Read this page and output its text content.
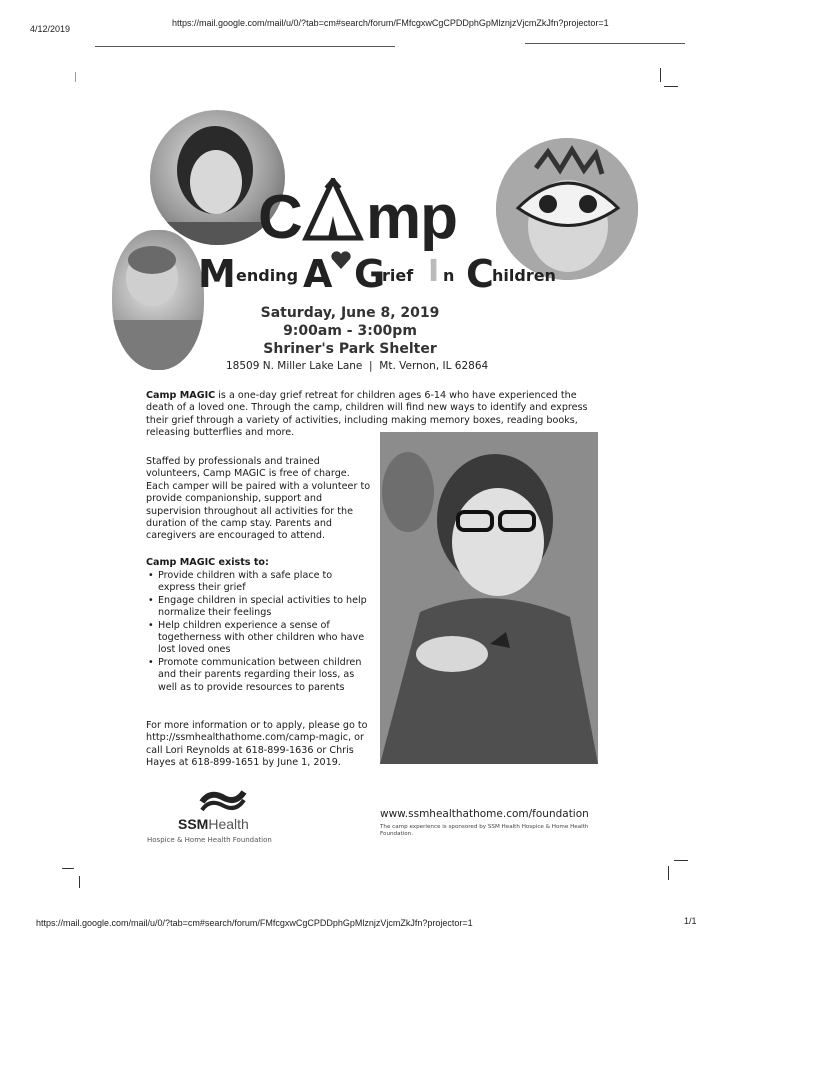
4/12/2019
https://mail.google.com/mail/u/0/?tab=cm#search/forum/FMfcgxwCgCPDDphGpMlznjzVjcmZkJfn?projector=1
C mp
M ending A G
rief I n C
hildren
Saturday, June 8, 2019
9:00am - 3:00pm
Shriner's Park Shelter
18509 N. Miller Lake Lane  |  Mt. Vernon, IL 62864
Camp MAGIC is a one-day grief retreat for children ages 6-14 who have experienced the death of a loved one. Through the camp, children will find new ways to identify and express their grief through a variety of activities, including making memory boxes, reading books, releasing butterflies and more.
Staffed by professionals and trained volunteers, Camp MAGIC is free of charge. Each camper will be paired with a volunteer to provide companionship, support and supervision throughout all activities for the duration of the camp stay. Parents and caregivers are encouraged to attend.
Camp MAGIC exists to:
• Provide children with a safe place to express their grief
• Engage children in special activities to help normalize their feelings
• Help children experience a sense of togetherness with other children who have lost loved ones
• Promote communication between children and their parents regarding their loss, as well as to provide resources to parents
For more information or to apply, please go to http://ssmhealthathome.com/camp-magic, or call Lori Reynolds at 618-899-1636 or Chris Hayes at 618-899-1651 by June 1, 2019.
SSMHealth
Hospice & Home Health Foundation
www.ssmhealthathome.com/foundation
The camp experience is sponsored by SSM Health Hospice & Home Health Foundation.
https://mail.google.com/mail/u/0/?tab=cm#search/forum/FMfcgxwCgCPDDphGpMlznjzVjcmZkJfn?projector=1	1/1
